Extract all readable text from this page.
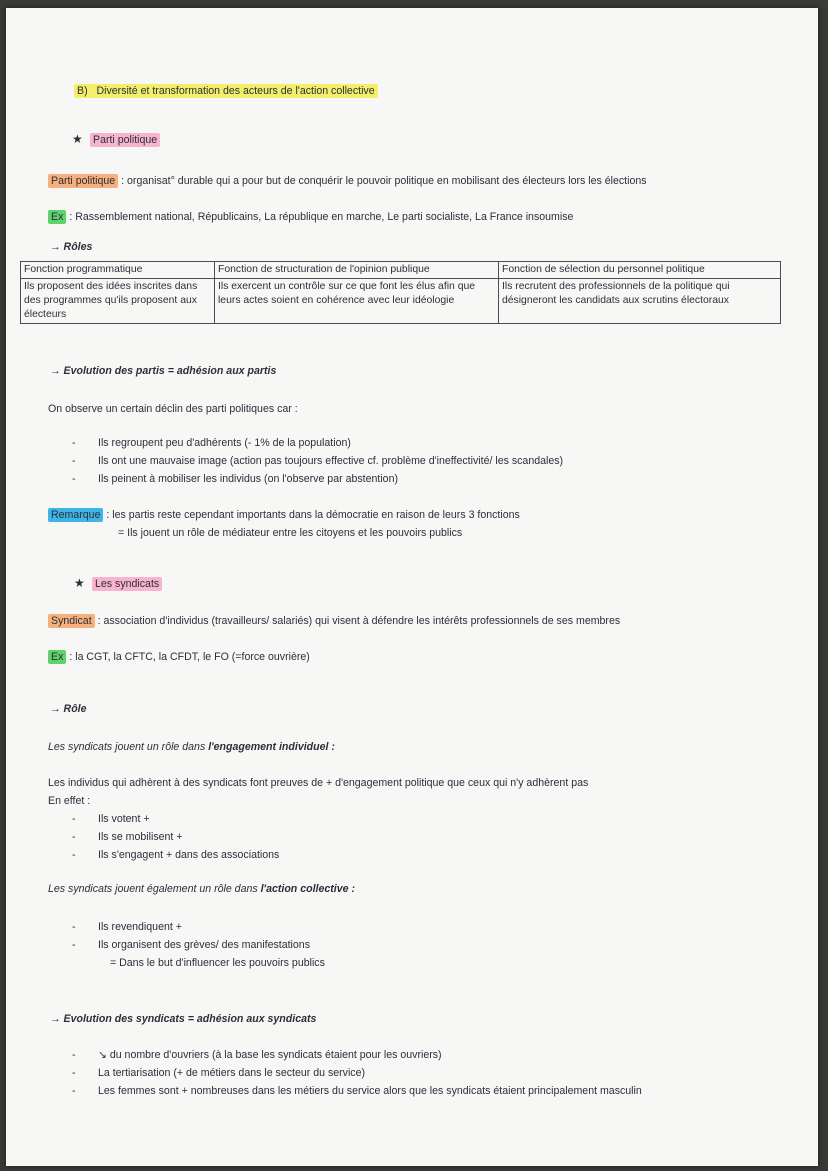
B) Diversité et transformation des acteurs de l'action collective
★ Parti politique
Parti politique : organisat° durable qui a pour but de conquérir le pouvoir politique en mobilisant des électeurs lors les élections
Ex : Rassemblement national, Républicains, La république en marche, Le parti socialiste, La France insoumise
→ Rôles
Fonction programmatique	Fonction de structuration de l'opinion publique	Fonction de sélection du personnel politique
Ils proposent des idées inscrites dans des programmes qu'ils proposent aux électeurs	Ils exercent un contrôle sur ce que font les élus afin que leurs actes soient en cohérence avec leur idéologie	Ils recrutent des professionnels de la politique qui désigneront les candidats aux scrutins électoraux
→ Evolution des partis = adhésion aux partis
On observe un certain déclin des parti politiques car :
- Ils regroupent peu d'adhérents (- 1% de la population)
- Ils ont une mauvaise image (action pas toujours effective cf. problème d'ineffectivité/ les scandales)
- Ils peinent à mobiliser les individus (on l'observe par abstention)
Remarque : les partis reste cependant importants dans la démocratie en raison de leurs 3 fonctions
= Ils jouent un rôle de médiateur entre les citoyens et les pouvoirs publics
★ Les syndicats
Syndicat : association d'individus (travailleurs/ salariés) qui visent à défendre les intérêts professionnels de ses membres
Ex : la CGT, la CFTC, la CFDT, le FO (=force ouvrière)
→ Rôle
Les syndicats jouent un rôle dans l'engagement individuel :
Les individus qui adhèrent à des syndicats font preuves de + d'engagement politique que ceux qui n'y adhèrent pas
En effet :
- Ils votent +
- Ils se mobilisent +
- Ils s'engagent + dans des associations
Les syndicats jouent également un rôle dans l'action collective :
- Ils revendiquent +
- Ils organisent des grèves/ des manifestations
= Dans le but d'influencer les pouvoirs publics
→ Evolution des syndicats = adhésion aux syndicats
- ↘ du nombre d'ouvriers (à la base les syndicats étaient pour les ouvriers)
- La tertiarisation (+ de métiers dans le secteur du service)
- Les femmes sont + nombreuses dans les métiers du service alors que les syndicats étaient principalement masculin
